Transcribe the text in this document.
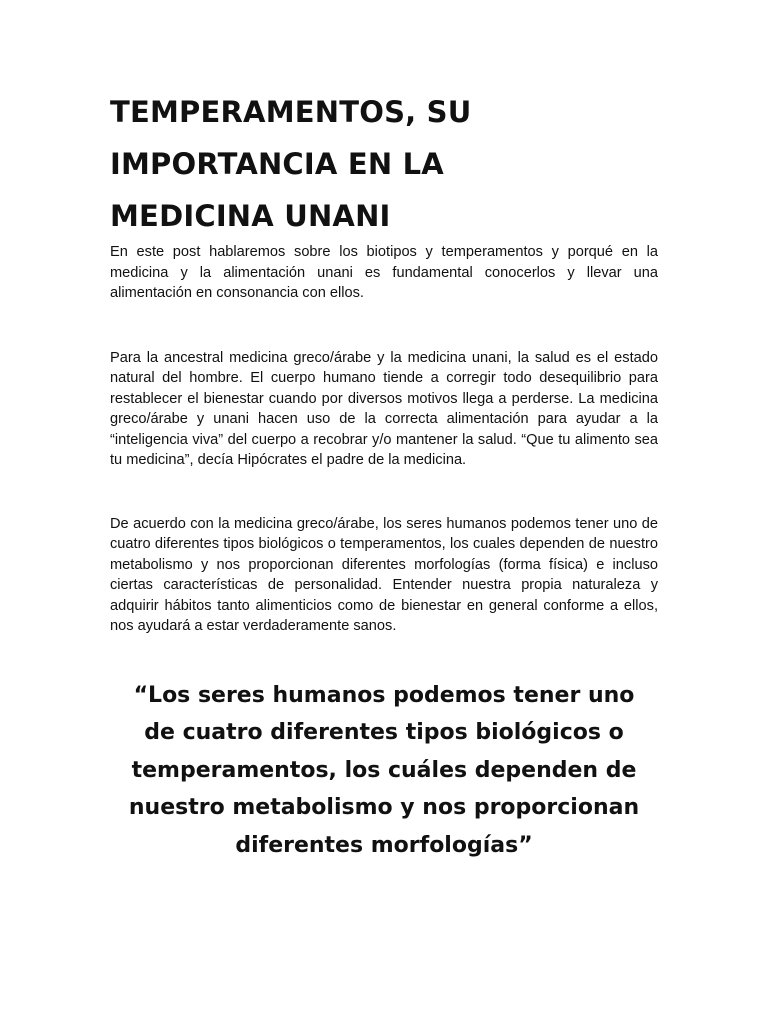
TEMPERAMENTOS, SU
IMPORTANCIA EN LA
MEDICINA UNANI

En este post hablaremos sobre los biotipos y temperamentos y porqué en la medicina y la alimentación unani es fundamental conocerlos y llevar una alimentación en consonancia con ellos.

Para la ancestral medicina greco/árabe y la medicina unani, la salud es el estado natural del hombre. El cuerpo humano tiende a corregir todo desequilibrio para restablecer el bienestar cuando por diversos motivos llega a perderse. La medicina greco/árabe y unani hacen uso de la correcta alimentación para ayudar a la “inteligencia viva” del cuerpo a recobrar y/o mantener la salud. “Que tu alimento sea tu medicina”, decía Hipócrates el padre de la medicina.

De acuerdo con la medicina greco/árabe, los seres humanos podemos tener uno de cuatro diferentes tipos biológicos o temperamentos, los cuales dependen de nuestro metabolismo y nos proporcionan diferentes morfologías (forma física) e incluso ciertas características de personalidad. Entender nuestra propia naturaleza y adquirir hábitos tanto alimenticios como de bienestar en general conforme a ellos, nos ayudará a estar verdaderamente sanos.

“Los seres humanos podemos tener uno
de cuatro diferentes tipos biológicos o
temperamentos, los cuáles dependen de
nuestro metabolismo y nos proporcionan
diferentes morfologías”
